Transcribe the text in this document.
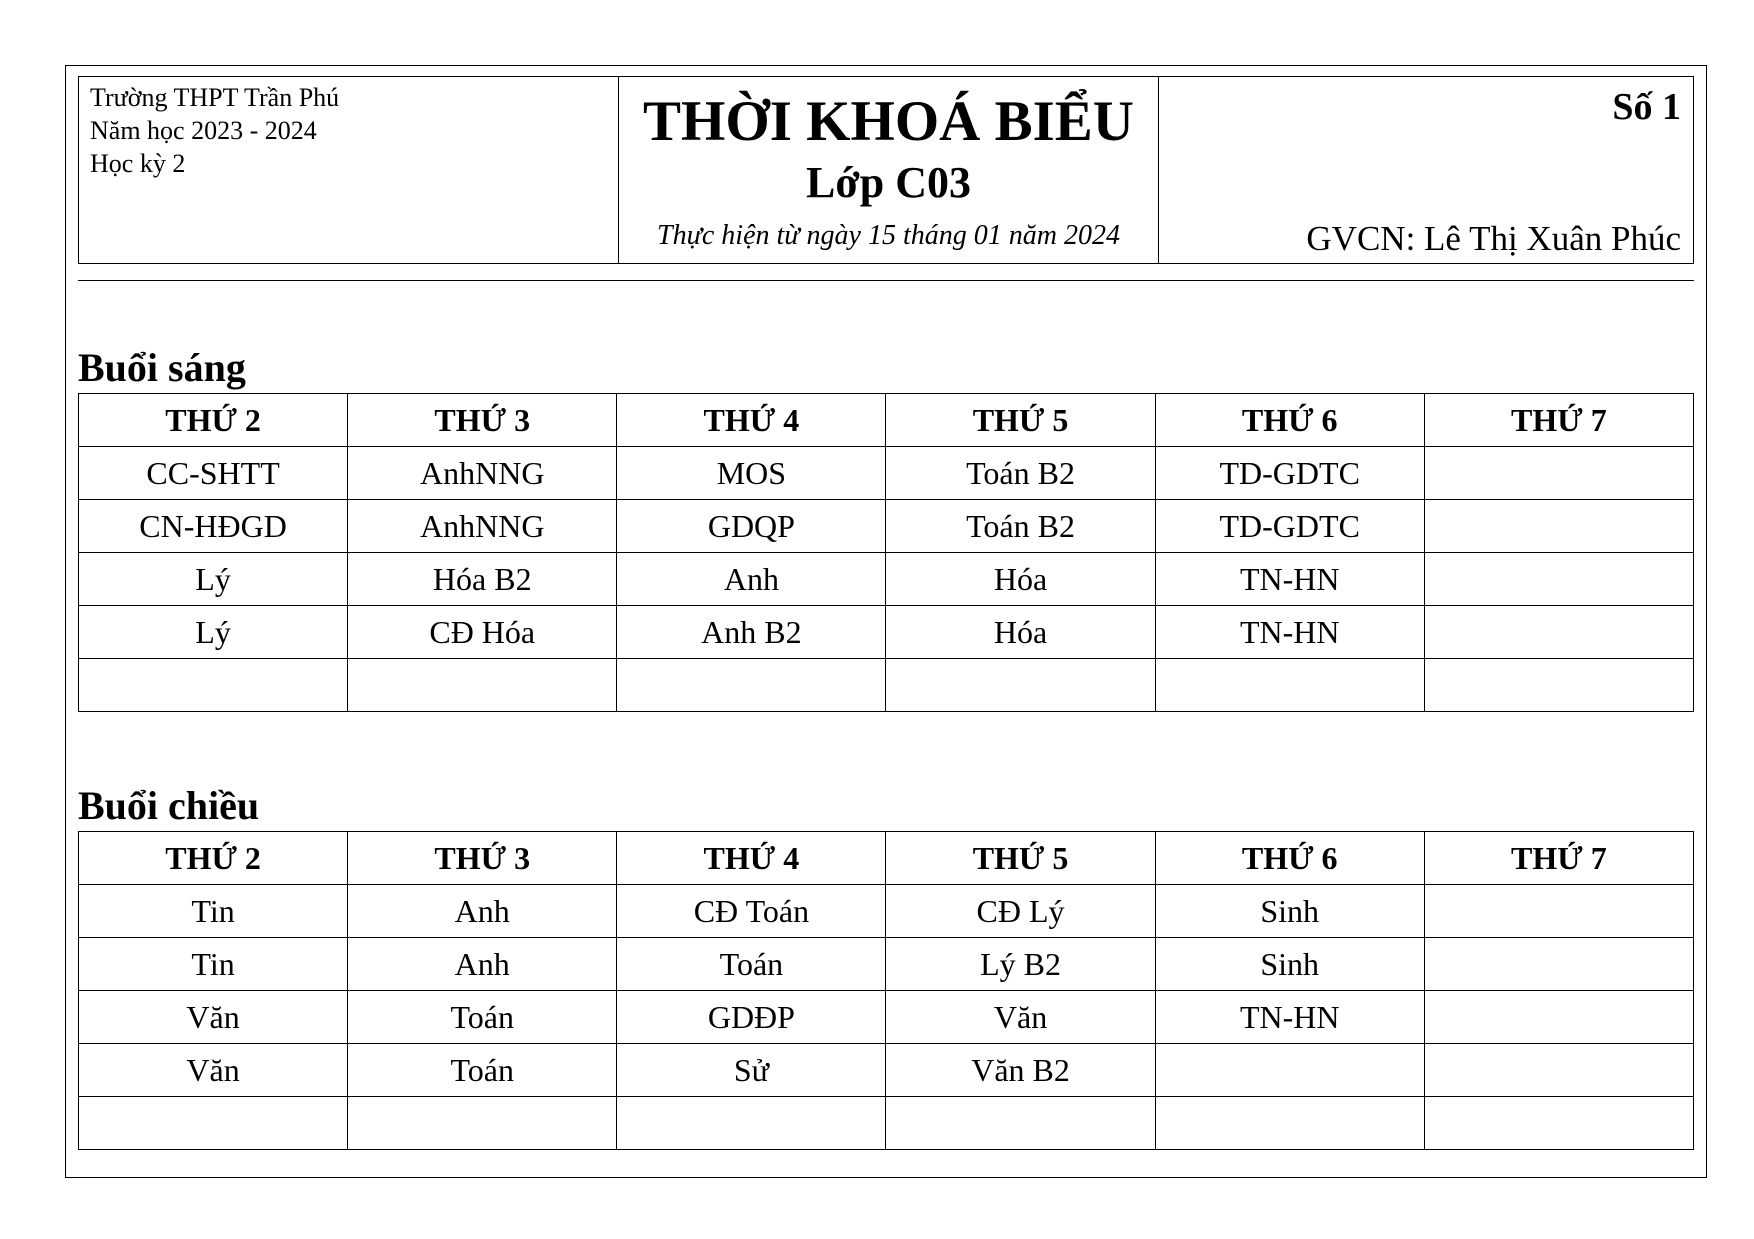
Trường THPT Trần Phú
Năm học 2023 - 2024
Học kỳ 2
THỜI KHOÁ BIỂU
Lớp C03
Thực hiện từ ngày 15 tháng 01 năm 2024
Số 1
GVCN: Lê Thị Xuân Phúc
Buổi sáng
THỨ 2	THỨ 3	THỨ 4	THỨ 5	THỨ 6	THỨ 7
CC-SHTT	AnhNNG	MOS	Toán B2	TD-GDTC	
CN-HĐGD	AnhNNG	GDQP	Toán B2	TD-GDTC	
Lý	Hóa B2	Anh	Hóa	TN-HN	
Lý	CĐ Hóa	Anh B2	Hóa	TN-HN	

Buổi chiều
THỨ 2	THỨ 3	THỨ 4	THỨ 5	THỨ 6	THỨ 7
Tin	Anh	CĐ Toán	CĐ Lý	Sinh	
Tin	Anh	Toán	Lý B2	Sinh	
Văn	Toán	GDĐP	Văn	TN-HN	
Văn	Toán	Sử	Văn B2		
